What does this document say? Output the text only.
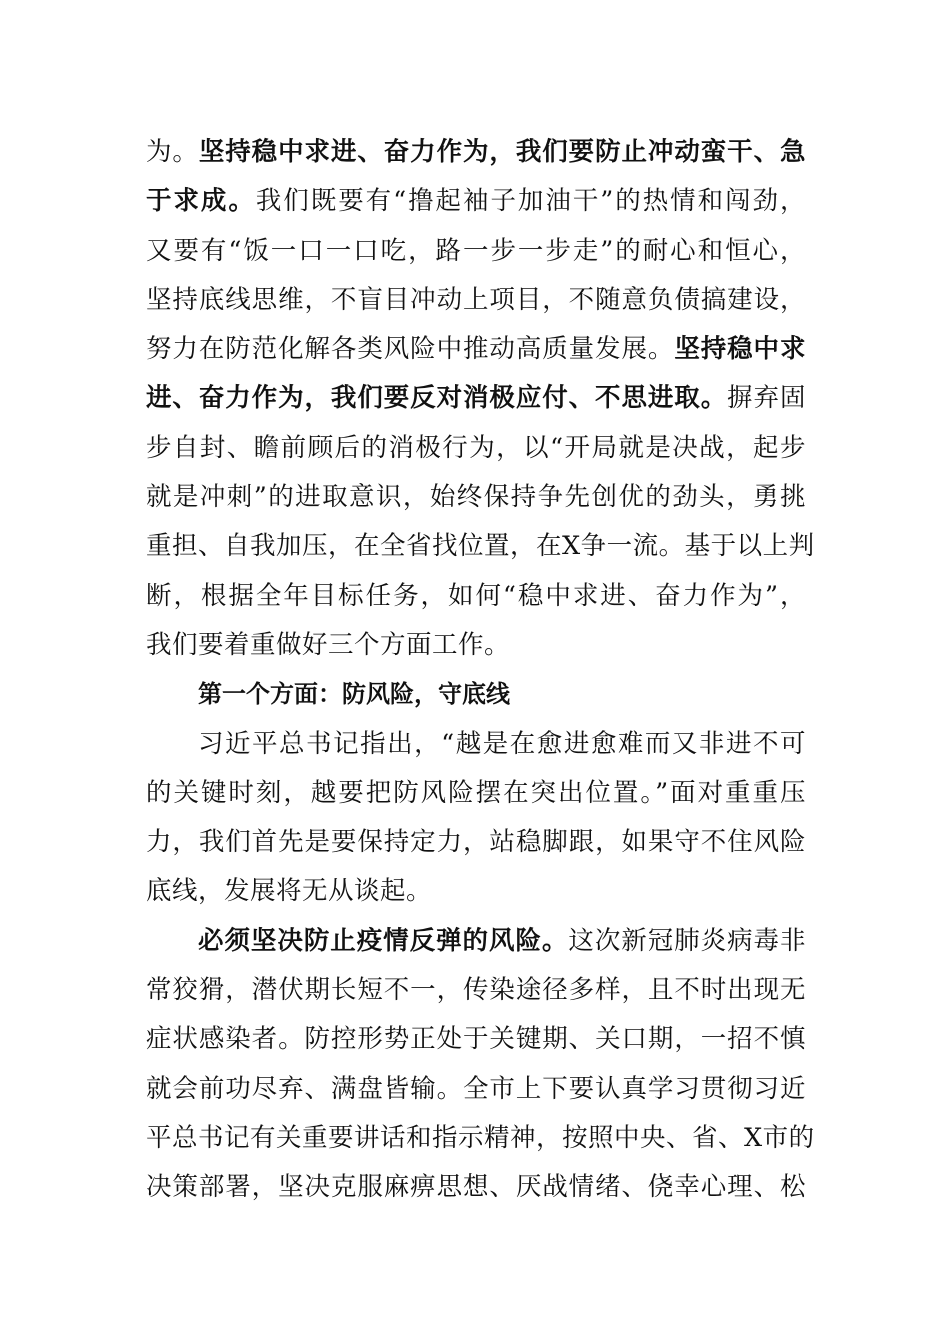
为。坚持稳中求进、奋力作为，我们要防止冲动蛮干、急
于求成。我们既要有“撸起袖子加油干”的热情和闯劲，
又要有“饭一口一口吃，路一步一步走”的耐心和恒心，
坚持底线思维，不盲目冲动上项目，不随意负债搞建设，
努力在防范化解各类风险中推动高质量发展。坚持稳中求
进、奋力作为，我们要反对消极应付、不思进取。摒弃固
步自封、瞻前顾后的消极行为，以“开局就是决战，起步
就是冲刺”的进取意识，始终保持争先创优的劲头，勇挑
重担、自我加压，在全省找位置，在X争一流。基于以上判
断，根据全年目标任务，如何“稳中求进、奋力作为”，
我们要着重做好三个方面工作。
第一个方面：防风险，守底线
习近平总书记指出，“越是在愈进愈难而又非进不可
的关键时刻，越要把防风险摆在突出位置。”面对重重压
力，我们首先是要保持定力，站稳脚跟，如果守不住风险
底线，发展将无从谈起。
必须坚决防止疫情反弹的风险。这次新冠肺炎病毒非
常狡猾，潜伏期长短不一，传染途径多样，且不时出现无
症状感染者。防控形势正处于关键期、关口期，一招不慎
就会前功尽弃、满盘皆输。全市上下要认真学习贯彻习近
平总书记有关重要讲话和指示精神，按照中央、省、X市的
决策部署，坚决克服麻痹思想、厌战情绪、侥幸心理、松
